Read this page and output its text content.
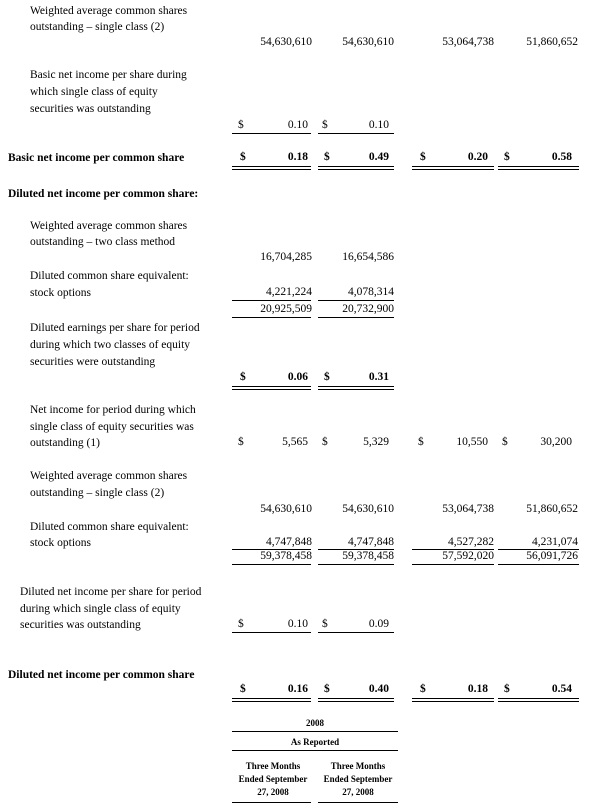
Weighted average common shares
outstanding – single class (2)
54,630,610	54,630,610	53,064,738	51,860,652
Basic net income per share during
which single class of equity
securities was outstanding
$	0.10 $	0.10
Basic net income per common share	$	0.18 $	0.49	$	0.20 $	0.58
Diluted net income per common share:
Weighted average common shares
outstanding – two class method
16,704,285	16,654,586
Diluted common share equivalent:
stock options	4,221,224	4,078,314
20,925,509	20,732,900
Diluted earnings per share for period
during which two classes of equity
securities were outstanding
$	0.06 $	0.31
Net income for period during which
single class of equity securities was
outstanding (1)	$	5,565 $	5,329	$	10,550 $	30,200
Weighted average common shares
outstanding – single class (2)
54,630,610	54,630,610	53,064,738	51,860,652
Diluted common share equivalent:
stock options	4,747,848	4,747,848	4,527,282	4,231,074
59,378,458	59,378,458	57,592,020	56,091,726
Diluted net income per share for period
during which single class of equity
securities was outstanding	$	0.10 $	0.09
Diluted net income per common share
$	0.16 $	0.40	$	0.18 $	0.54
2008
As Reported
Three Months
Ended September
27, 2008
Three Months
Ended September
27, 2008
